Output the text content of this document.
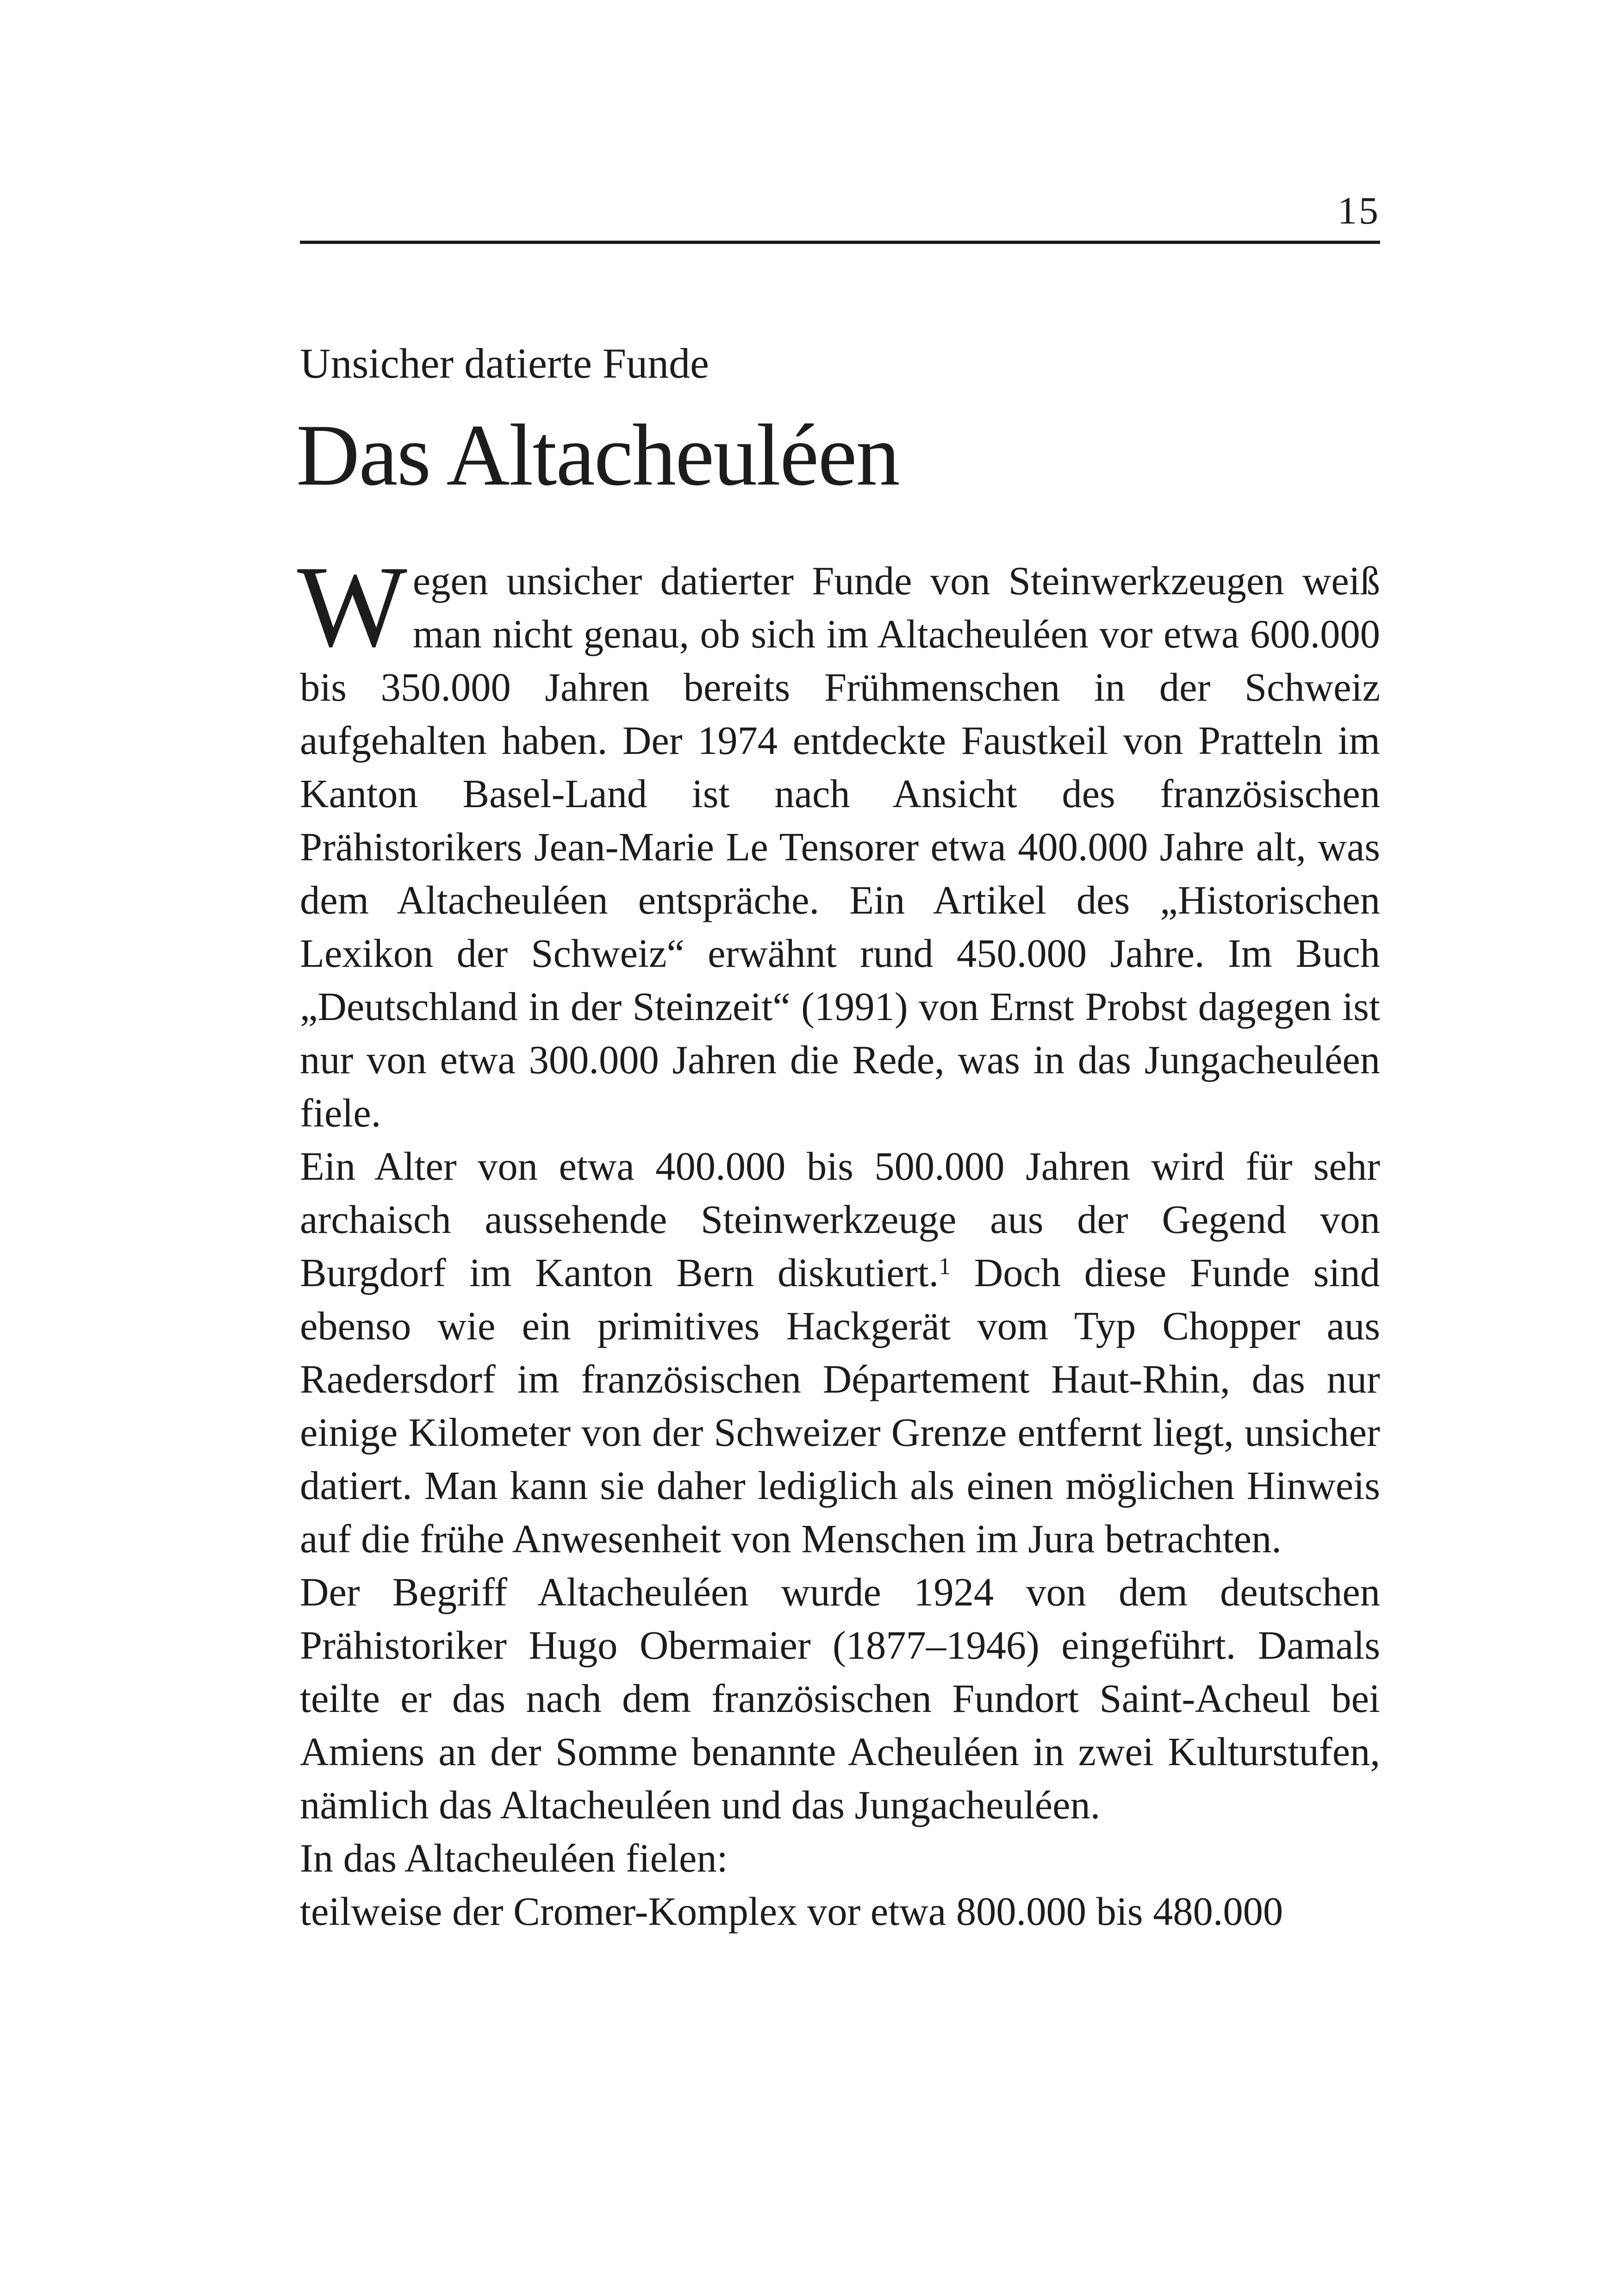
15
Unsicher datierte Funde
Das Altacheuléen

Wegen unsicher datierter Funde von Steinwerkzeugen weiß man nicht genau, ob sich im Altacheuléen vor etwa 600.000 bis 350.000 Jahren bereits Frühmenschen in der Schweiz aufgehalten haben. Der 1974 entdeckte Faustkeil von Pratteln im Kanton Basel-Land ist nach Ansicht des französischen Prähistorikers Jean-Marie Le Tensorer etwa 400.000 Jahre alt, was dem Altacheuléen entspräche. Ein Artikel des „Historischen Lexikon der Schweiz“ erwähnt rund 450.000 Jahre. Im Buch „Deutschland in der Steinzeit“ (1991) von Ernst Probst dagegen ist nur von etwa 300.000 Jahren die Rede, was in das Jungacheuléen fiele.

Ein Alter von etwa 400.000 bis 500.000 Jahren wird für sehr archaisch aussehende Steinwerkzeuge aus der Gegend von Burgdorf im Kanton Bern diskutiert.$^1$ Doch diese Funde sind ebenso wie ein primitives Hackgerät vom Typ Chopper aus Raedersdorf im französischen Département Haut-Rhin, das nur einige Kilometer von der Schweizer Grenze entfernt liegt, unsicher datiert. Man kann sie daher lediglich als einen möglichen Hinweis auf die frühe Anwesenheit von Menschen im Jura betrachten.

Der Begriff Altacheuléen wurde 1924 von dem deutschen Prähistoriker Hugo Obermaier (1877–1946) eingeführt. Damals teilte er das nach dem französischen Fundort Saint-Acheul bei Amiens an der Somme benannte Acheuléen in zwei Kulturstufen, nämlich das Altacheuléen und das Jungacheuléen.

In das Altacheuléen fielen:

teilweise der Cromer-Komplex vor etwa 800.000 bis 480.000
